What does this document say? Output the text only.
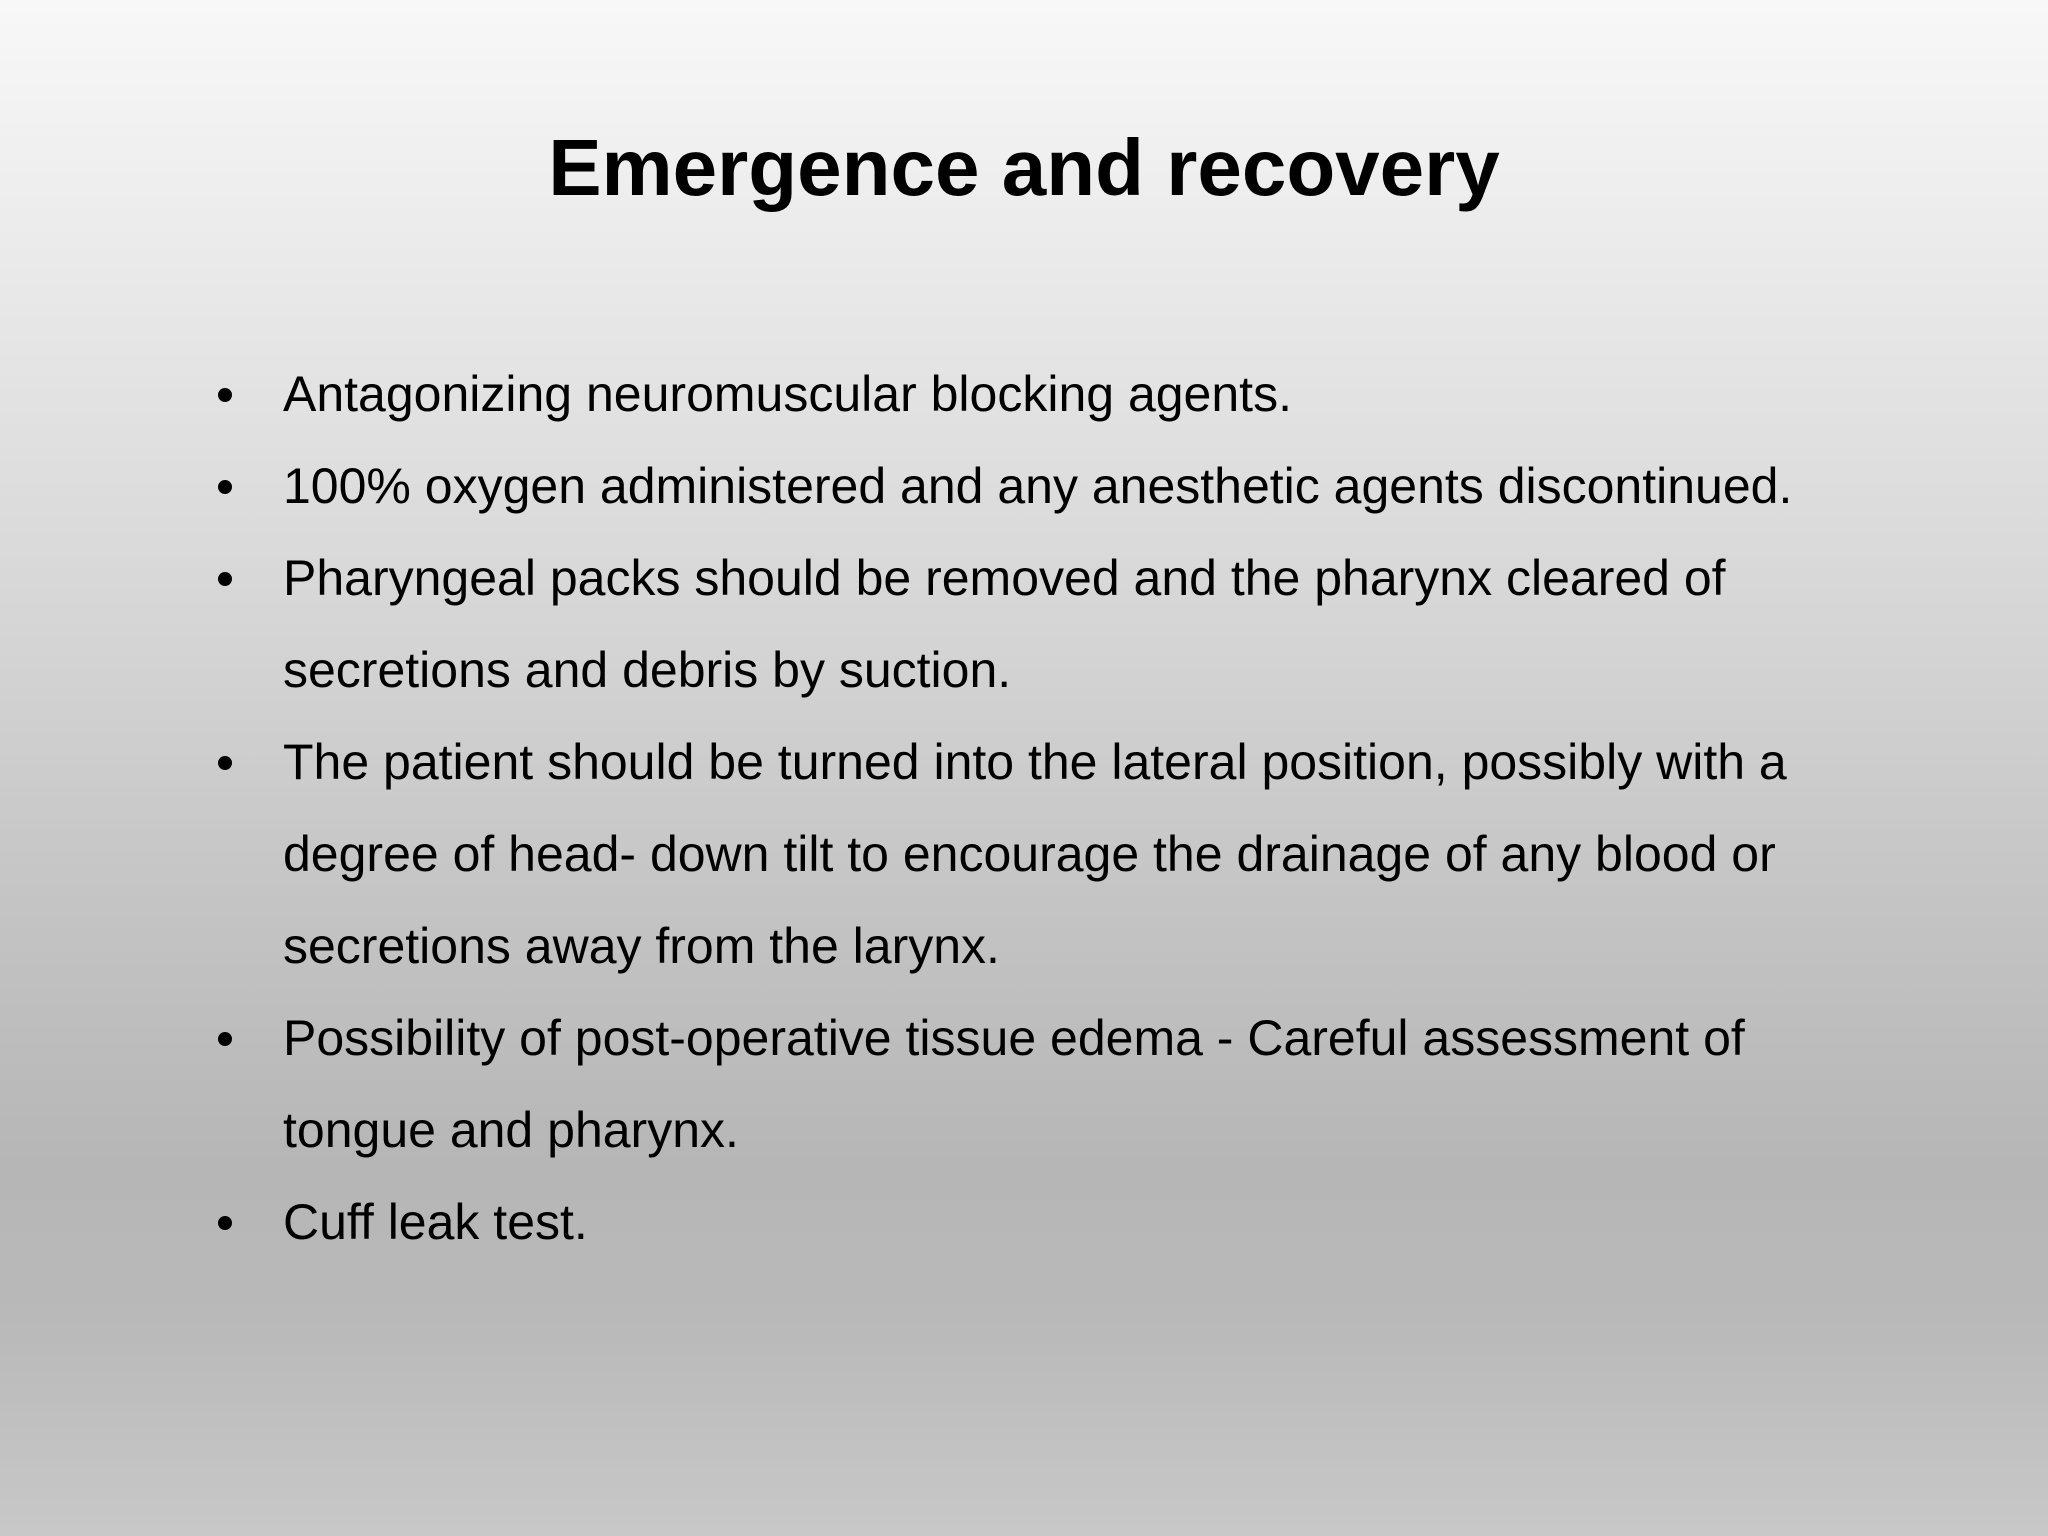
Emergence and recovery
Antagonizing neuromuscular blocking agents.
100% oxygen administered and any anesthetic agents discontinued.
Pharyngeal packs should be removed and the pharynx cleared of secretions and debris by suction.
The patient should be turned into the lateral position, possibly with a degree of head- down tilt to encourage the drainage of any blood or secretions away from the larynx.
Possibility of post-operative tissue edema - Careful assessment of tongue and pharynx.
Cuff leak test.
